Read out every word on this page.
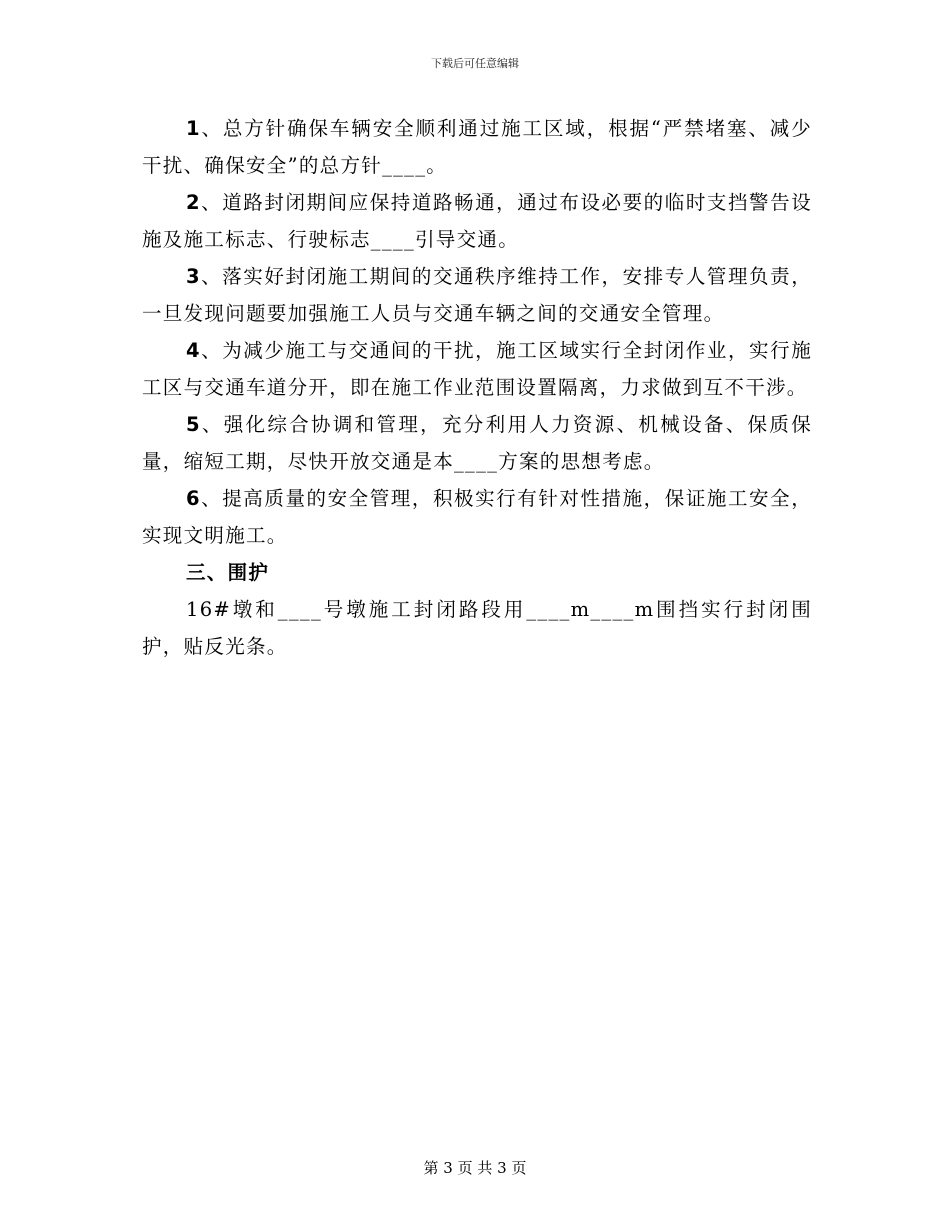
下载后可任意编辑

1、总方针确保车辆安全顺利通过施工区域，根据“严禁堵塞、减少干扰、确保安全”的总方针____。

2、道路封闭期间应保持道路畅通，通过布设必要的临时支挡警告设施及施工标志、行驶标志____引导交通。

3、落实好封闭施工期间的交通秩序维持工作，安排专人管理负责，一旦发现问题要加强施工人员与交通车辆之间的交通安全管理。

4、为减少施工与交通间的干扰，施工区域实行全封闭作业，实行施工区与交通车道分开，即在施工作业范围设置隔离，力求做到互不干涉。

5、强化综合协调和管理，充分利用人力资源、机械设备、保质保量，缩短工期，尽快开放交通是本____方案的思想考虑。

6、提高质量的安全管理，积极实行有针对性措施，保证施工安全，实现文明施工。

三、围护

16#墩和____号墩施工封闭路段用____m____m围挡实行封闭围护，贴反光条。

第 3 页 共 3 页
